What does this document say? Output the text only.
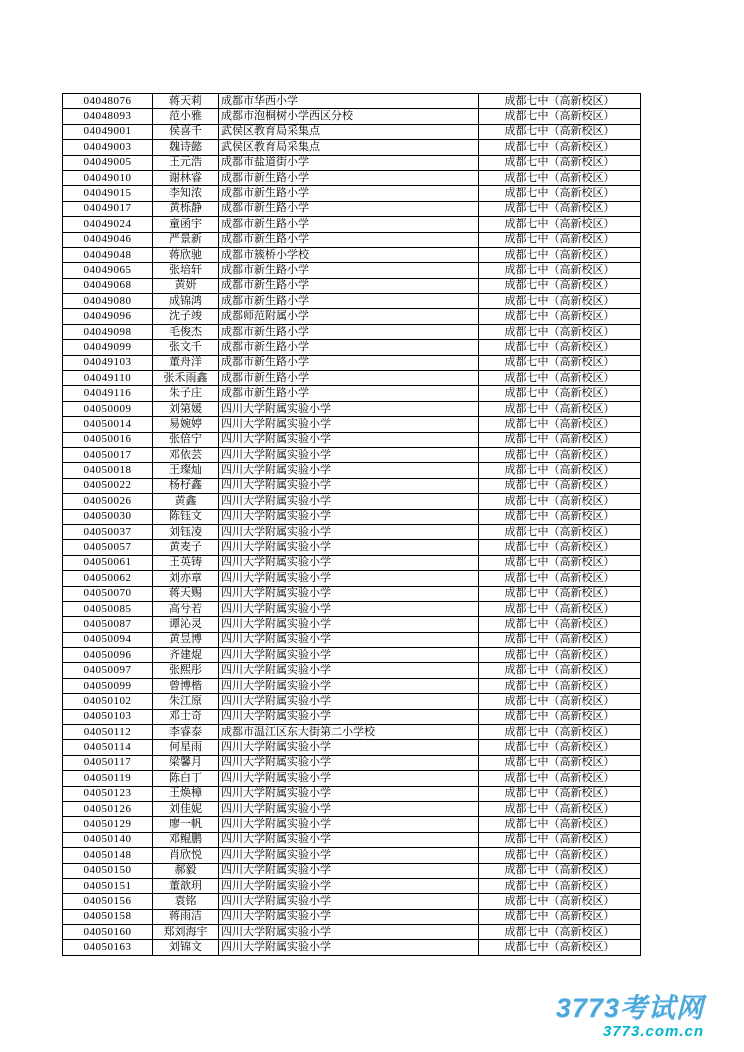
04048076	蒋天莉	成都市华西小学	成都七中（高新校区）
04048093	范小雅	成都市泡桐树小学西区分校	成都七中（高新校区）
04049001	侯喜千	武侯区教育局采集点	成都七中（高新校区）
04049003	魏诗懿	武侯区教育局采集点	成都七中（高新校区）
04049005	王元浩	成都市盐道街小学	成都七中（高新校区）
04049010	谢林睿	成都市新生路小学	成都七中（高新校区）
04049015	李知浓	成都市新生路小学	成都七中（高新校区）
04049017	黄栎静	成都市新生路小学	成都七中（高新校区）
04049024	童函宇	成都市新生路小学	成都七中（高新校区）
04049046	严景新	成都市新生路小学	成都七中（高新校区）
04049048	蒋欣驰	成都市簇桥小学校	成都七中（高新校区）
04049065	张培轩	成都市新生路小学	成都七中（高新校区）
04049068	黄妍	成都市新生路小学	成都七中（高新校区）
04049080	成锦鸿	成都市新生路小学	成都七中（高新校区）
04049096	沈子竣	成都师范附属小学	成都七中（高新校区）
04049098	毛俊杰	成都市新生路小学	成都七中（高新校区）
04049099	张文千	成都市新生路小学	成都七中（高新校区）
04049103	董舟洋	成都市新生路小学	成都七中（高新校区）
04049110	张禾雨鑫	成都市新生路小学	成都七中（高新校区）
04049116	朱子庄	成都市新生路小学	成都七中（高新校区）
04050009	刘第媛	四川大学附属实验小学	成都七中（高新校区）
04050014	易婉婷	四川大学附属实验小学	成都七中（高新校区）
04050016	张倍宁	四川大学附属实验小学	成都七中（高新校区）
04050017	邓依芸	四川大学附属实验小学	成都七中（高新校区）
04050018	王璨灿	四川大学附属实验小学	成都七中（高新校区）
04050022	杨杍鑫	四川大学附属实验小学	成都七中（高新校区）
04050026	黄鑫	四川大学附属实验小学	成都七中（高新校区）
04050030	陈钰文	四川大学附属实验小学	成都七中（高新校区）
04050037	刘钰凌	四川大学附属实验小学	成都七中（高新校区）
04050057	黄麦子	四川大学附属实验小学	成都七中（高新校区）
04050061	王英铸	四川大学附属实验小学	成都七中（高新校区）
04050062	刘亦章	四川大学附属实验小学	成都七中（高新校区）
04050070	蒋天赐	四川大学附属实验小学	成都七中（高新校区）
04050085	高兮若	四川大学附属实验小学	成都七中（高新校区）
04050087	谭沁灵	四川大学附属实验小学	成都七中（高新校区）
04050094	黄昱博	四川大学附属实验小学	成都七中（高新校区）
04050096	齐建焜	四川大学附属实验小学	成都七中（高新校区）
04050097	张熙彤	四川大学附属实验小学	成都七中（高新校区）
04050099	曾博楷	四川大学附属实验小学	成都七中（高新校区）
04050102	朱江原	四川大学附属实验小学	成都七中（高新校区）
04050103	邓士奇	四川大学附属实验小学	成都七中（高新校区）
04050112	李睿泰	成都市温江区东大街第二小学校	成都七中（高新校区）
04050114	何星雨	四川大学附属实验小学	成都七中（高新校区）
04050117	梁馨月	四川大学附属实验小学	成都七中（高新校区）
04050119	陈白丁	四川大学附属实验小学	成都七中（高新校区）
04050123	王焕樟	四川大学附属实验小学	成都七中（高新校区）
04050126	刘佳妮	四川大学附属实验小学	成都七中（高新校区）
04050129	廖一帆	四川大学附属实验小学	成都七中（高新校区）
04050140	邓鲲鹏	四川大学附属实验小学	成都七中（高新校区）
04050148	肖欣悦	四川大学附属实验小学	成都七中（高新校区）
04050150	郝毅	四川大学附属实验小学	成都七中（高新校区）
04050151	董歆玥	四川大学附属实验小学	成都七中（高新校区）
04050156	袁铭	四川大学附属实验小学	成都七中（高新校区）
04050158	蒋雨洁	四川大学附属实验小学	成都七中（高新校区）
04050160	郑刘海宇	四川大学附属实验小学	成都七中（高新校区）
04050163	刘锦文	四川大学附属实验小学	成都七中（高新校区）
3773考试网
3773.com.cn
